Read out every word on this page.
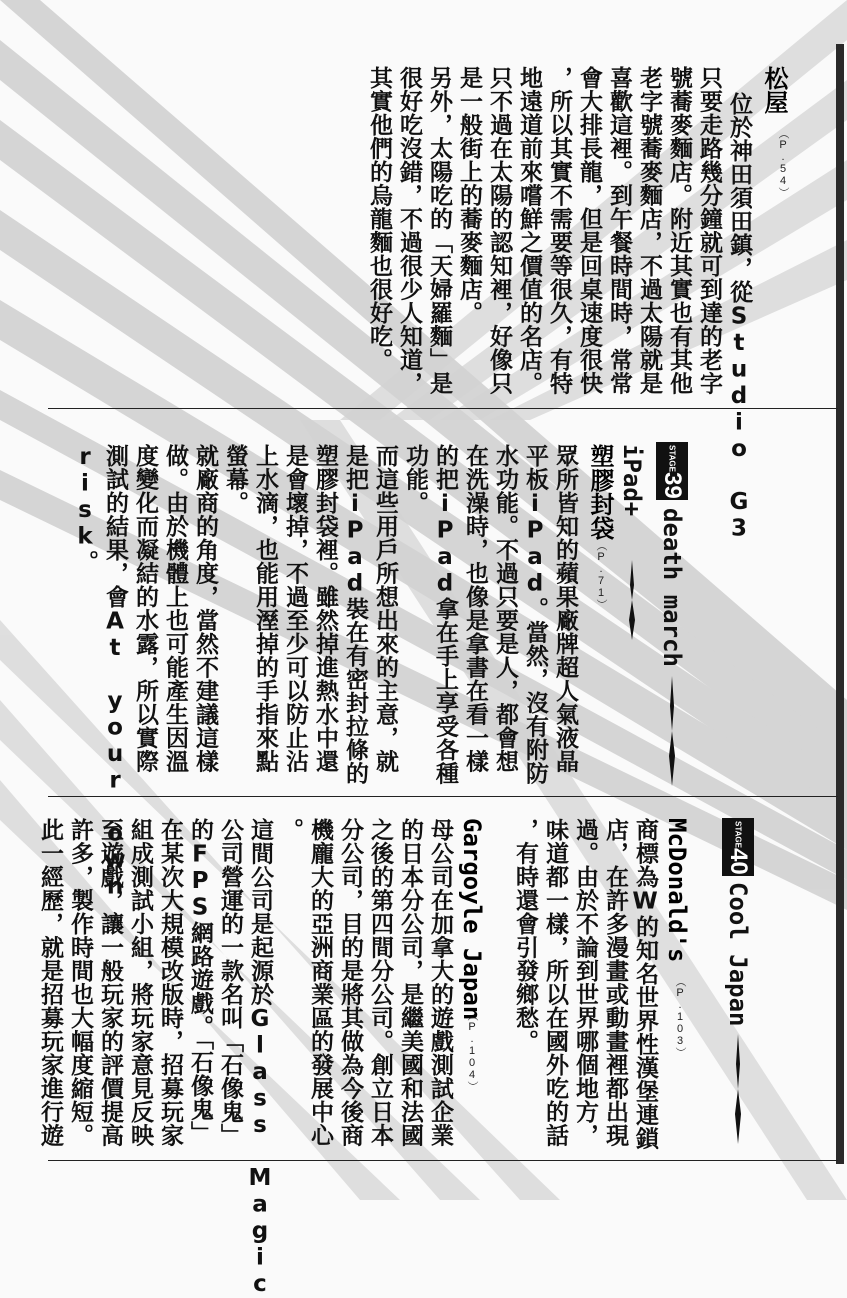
松屋
（P.54）
位於神田須田鎮，從Studio G3
只要走路幾分鐘就可到達的老字
號蕎麥麵店。附近其實也有其他
老字號蕎麥麵店，不過太陽就是
喜歡這裡。到午餐時間時，常常
會大排長龍，但是回桌速度很快
，所以其實不需要等很久，有特
地遠道前來嚐鮮之價值的名店。
只不過在太陽的認知裡，好像只
是一般街上的蕎麥麵店。
另外，太陽吃的「天婦羅麵」是
很好吃沒錯，不過很少人知道，
其實他們的烏龍麵也很好吃。
STAGE
39
death march
iPad+
塑膠封袋
（P.71）
眾所皆知的蘋果廠牌超人氣液晶
平板iPad。當然，沒有附防
水功能。不過只要是人，都會想
在洗澡時，也像是拿書在看一樣
的把iPad拿在手上享受各種
功能。
而這些用戶所想出來的主意，就
是把iPad裝在有密封拉條的
塑膠封袋裡。雖然掉進熱水中還
是會壞掉，不過至少可以防止沾
上水滴，也能用溼掉的手指來點
螢幕。
就廠商的角度，當然不建議這樣
做。由於機體上也可能產生因溫
度變化而凝結的水露，所以實際
測試的結果，會At your own
risk。
STAGE
40
Cool Japan
McDonald's
（P.103）
商標為W的知名世界性漢堡連鎖
店，在許多漫畫或動畫裡都出現
過。由於不論到世界哪個地方，
味道都一樣，所以在國外吃的話
，有時還會引發鄉愁。
Gargoyle Japan
（P.104）
母公司在加拿大的遊戲測試企業
的日本分公司，是繼美國和法國
之後的第四間分公司。創立日本
分公司，目的是將其做為今後商
機龐大的亞洲商業區的發展中心
。
這間公司是起源於Glass Magic
公司營運的一款名叫「石像鬼」
的FPS網路遊戲。「石像鬼」
在某次大規模改版時，招募玩家
組成測試小組，將玩家意見反映
至遊戲，讓一般玩家的評價提高
許多，製作時間也大幅度縮短。
此一經歷，就是招募玩家進行遊
